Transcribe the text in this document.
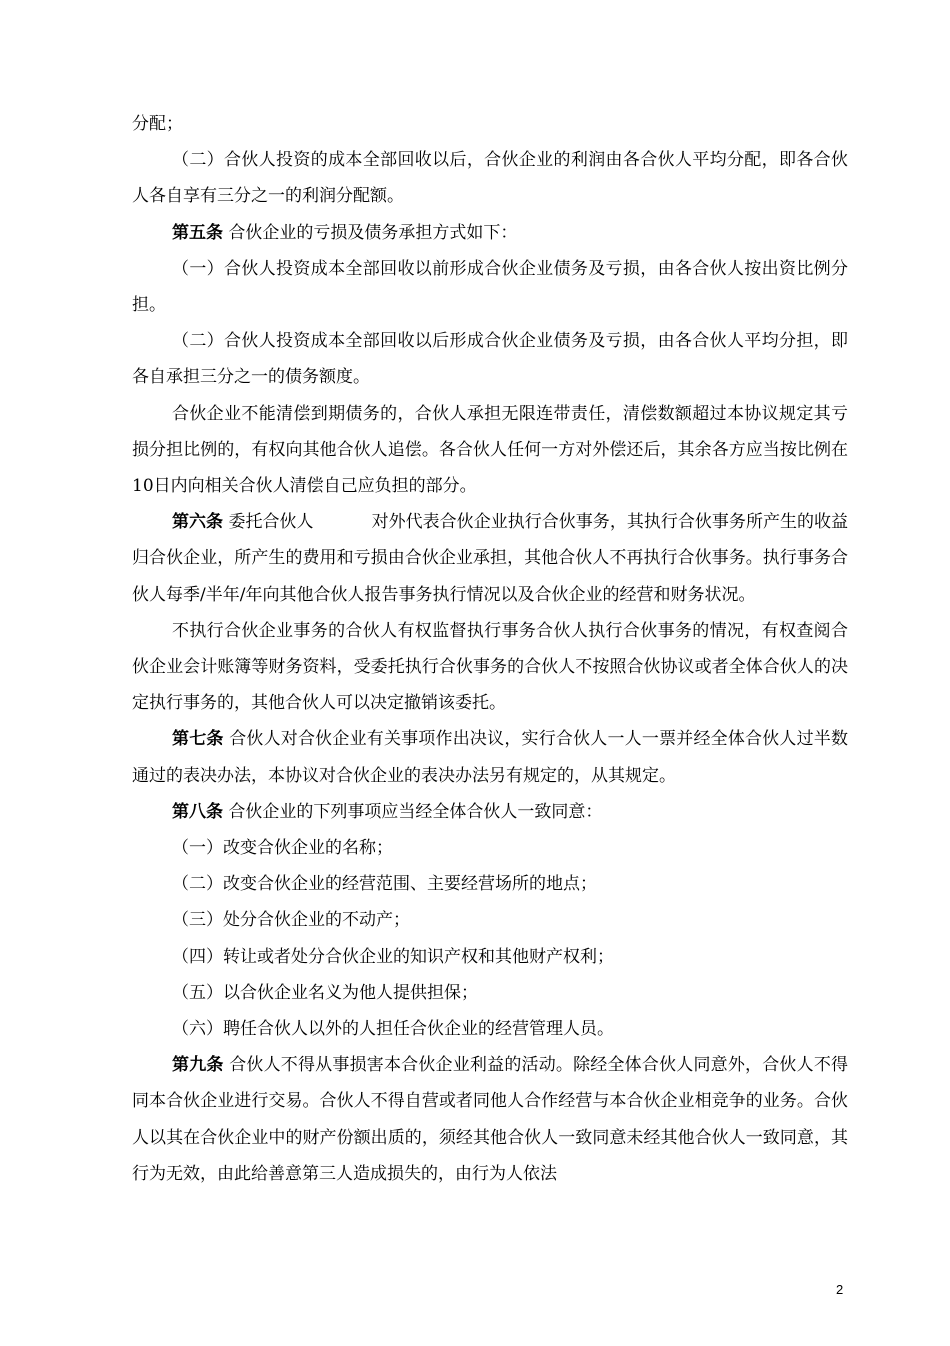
分配；

（二）合伙人投资的成本全部回收以后，合伙企业的利润由各合伙人平均分配，即各合伙人各自享有三分之一的利润分配额。

第五条 合伙企业的亏损及债务承担方式如下：

（一）合伙人投资成本全部回收以前形成合伙企业债务及亏损，由各合伙人按出资比例分担。

（二）合伙人投资成本全部回收以后形成合伙企业债务及亏损，由各合伙人平均分担，即各自承担三分之一的债务额度。

合伙企业不能清偿到期债务的，合伙人承担无限连带责任，清偿数额超过本协议规定其亏损分担比例的，有权向其他合伙人追偿。各合伙人任何一方对外偿还后，其余各方应当按比例在10日内向相关合伙人清偿自己应负担的部分。

第六条 委托合伙人	对外代表合伙企业执行合伙事务，其执行合伙事务所产生的收益归合伙企业，所产生的费用和亏损由合伙企业承担，其他合伙人不再执行合伙事务。执行事务合伙人每季/半年/年向其他合伙人报告事务执行情况以及合伙企业的经营和财务状况。

不执行合伙企业事务的合伙人有权监督执行事务合伙人执行合伙事务的情况，有权查阅合伙企业会计账簿等财务资料，受委托执行合伙事务的合伙人不按照合伙协议或者全体合伙人的决定执行事务的，其他合伙人可以决定撤销该委托。

第七条 合伙人对合伙企业有关事项作出决议，实行合伙人一人一票并经全体合伙人过半数通过的表决办法，本协议对合伙企业的表决办法另有规定的，从其规定。

第八条 合伙企业的下列事项应当经全体合伙人一致同意：

（一）改变合伙企业的名称；

（二）改变合伙企业的经营范围、主要经营场所的地点；

（三）处分合伙企业的不动产；

（四）转让或者处分合伙企业的知识产权和其他财产权利；

（五）以合伙企业名义为他人提供担保；

（六）聘任合伙人以外的人担任合伙企业的经营管理人员。

第九条 合伙人不得从事损害本合伙企业利益的活动。除经全体合伙人同意外，合伙人不得同本合伙企业进行交易。合伙人不得自营或者同他人合作经营与本合伙企业相竞争的业务。合伙人以其在合伙企业中的财产份额出质的，须经其他合伙人一致同意未经其他合伙人一致同意，其行为无效，由此给善意第三人造成损失的，由行为人依法

2
